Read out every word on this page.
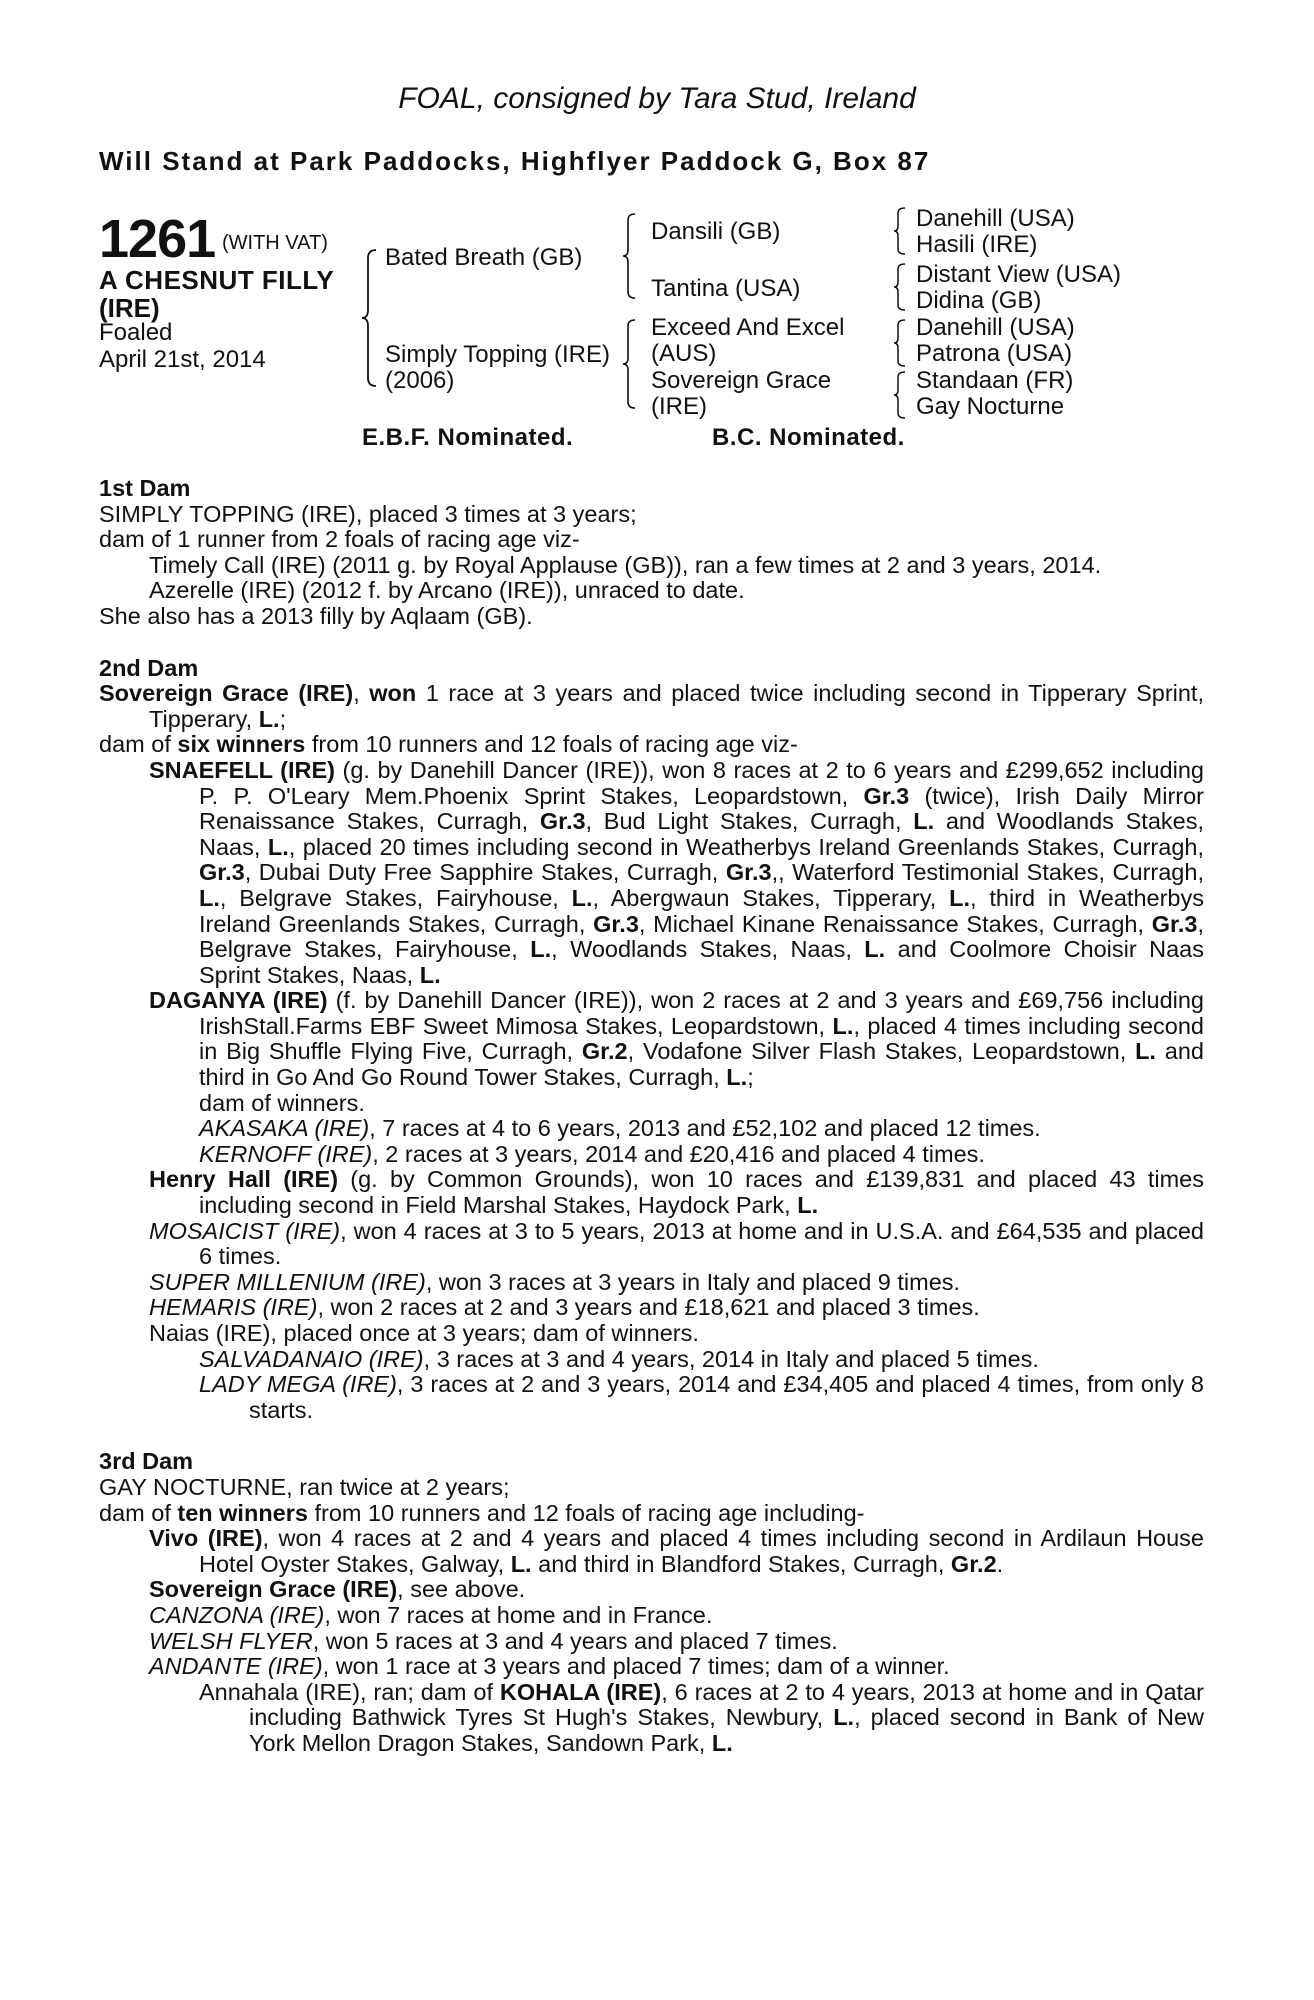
FOAL, consigned by Tara Stud, Ireland
Will Stand at Park Paddocks, Highflyer Paddock G, Box 87
1261 (WITH VAT)
A CHESNUT FILLY
(IRE)
Foaled
April 21st, 2014
Bated Breath (GB)
Simply Topping (IRE)
(2006)
Dansili (GB)
Tantina (USA)
Exceed And Excel
(AUS)
Sovereign Grace
(IRE)
Danehill (USA)
Hasili (IRE)
Distant View (USA)
Didina (GB)
Danehill (USA)
Patrona (USA)
Standaan (FR)
Gay Nocturne
E.B.F. Nominated.	B.C. Nominated.

1st Dam

SIMPLY TOPPING (IRE), placed 3 times at 3 years;

dam of 1 runner from 2 foals of racing age viz-

Timely Call (IRE) (2011 g. by Royal Applause (GB)), ran a few times at 2 and 3 years, 2014.

Azerelle (IRE) (2012 f. by Arcano (IRE)), unraced to date.

She also has a 2013 filly by Aqlaam (GB).

2nd Dam

Sovereign Grace (IRE), won 1 race at 3 years and placed twice including second in Tipperary Sprint, Tipperary, L.;

dam of six winners from 10 runners and 12 foals of racing age viz-

SNAEFELL (IRE) (g. by Danehill Dancer (IRE)), won 8 races at 2 to 6 years and £299,652 including P. P. O'Leary Mem.Phoenix Sprint Stakes, Leopardstown, Gr.3 (twice), Irish Daily Mirror Renaissance Stakes, Curragh, Gr.3, Bud Light Stakes, Curragh, L. and Woodlands Stakes, Naas, L., placed 20 times including second in Weatherbys Ireland Greenlands Stakes, Curragh, Gr.3, Dubai Duty Free Sapphire Stakes, Curragh, Gr.3,, Waterford Testimonial Stakes, Curragh, L., Belgrave Stakes, Fairyhouse, L., Abergwaun Stakes, Tipperary, L., third in Weatherbys Ireland Greenlands Stakes, Curragh, Gr.3, Michael Kinane Renaissance Stakes, Curragh, Gr.3, Belgrave Stakes, Fairyhouse, L., Woodlands Stakes, Naas, L. and Coolmore Choisir Naas Sprint Stakes, Naas, L.

DAGANYA (IRE) (f. by Danehill Dancer (IRE)), won 2 races at 2 and 3 years and £69,756 including IrishStall.Farms EBF Sweet Mimosa Stakes, Leopardstown, L., placed 4 times including second in Big Shuffle Flying Five, Curragh, Gr.2, Vodafone Silver Flash Stakes, Leopardstown, L. and third in Go And Go Round Tower Stakes, Curragh, L.;

dam of winners.

AKASAKA (IRE), 7 races at 4 to 6 years, 2013 and £52,102 and placed 12 times.

KERNOFF (IRE), 2 races at 3 years, 2014 and £20,416 and placed 4 times.

Henry Hall (IRE) (g. by Common Grounds), won 10 races and £139,831 and placed 43 times including second in Field Marshal Stakes, Haydock Park, L.

MOSAICIST (IRE), won 4 races at 3 to 5 years, 2013 at home and in U.S.A. and £64,535 and placed 6 times.

SUPER MILLENIUM (IRE), won 3 races at 3 years in Italy and placed 9 times.

HEMARIS (IRE), won 2 races at 2 and 3 years and £18,621 and placed 3 times.

Naias (IRE), placed once at 3 years; dam of winners.

SALVADANAIO (IRE), 3 races at 3 and 4 years, 2014 in Italy and placed 5 times.

LADY MEGA (IRE), 3 races at 2 and 3 years, 2014 and £34,405 and placed 4 times, from only 8 starts.

3rd Dam

GAY NOCTURNE, ran twice at 2 years;

dam of ten winners from 10 runners and 12 foals of racing age including-

Vivo (IRE), won 4 races at 2 and 4 years and placed 4 times including second in Ardilaun House Hotel Oyster Stakes, Galway, L. and third in Blandford Stakes, Curragh, Gr.2.

Sovereign Grace (IRE), see above.

CANZONA (IRE), won 7 races at home and in France.

WELSH FLYER, won 5 races at 3 and 4 years and placed 7 times.

ANDANTE (IRE), won 1 race at 3 years and placed 7 times; dam of a winner.

Annahala (IRE), ran; dam of KOHALA (IRE), 6 races at 2 to 4 years, 2013 at home and in Qatar including Bathwick Tyres St Hugh's Stakes, Newbury, L., placed second in Bank of New York Mellon Dragon Stakes, Sandown Park, L.
